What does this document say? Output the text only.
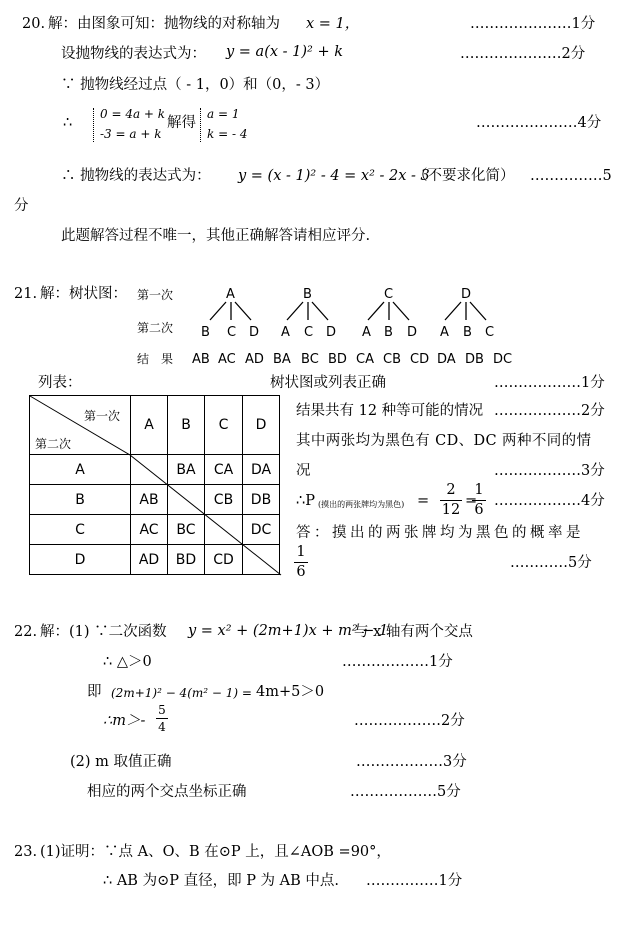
20. 解：由图象可知：抛物线的对称轴为 x = 1，	…………………1分
设抛物线的表达式为： y = a(x - 1)² + k	…………………2分
∵ 抛物线经过点（ - 1，0）和（0，- 3）
∴
0 = 4a + k
-3 = a + k
解得
a = 1
k = - 4
…………………4分
∴ 抛物线的表达式为： y = (x - 1)² - 4 = x² - 2x - 3
（不要求化简） ……………5
分
此题解答过程不唯一，其他正确解答请相应评分.
21. 解：树状图： 第一次
第二次
结　果
A
B C D
B
A C D
C
A B D
D
A B C
AB AC AD BA BC BD CA CB CD DA DB DC
列表：	树状图或列表正确	………………1分
第一次
第二次	A	B	C	D
A		BA	CA	DA
B	AB		CB	DB
C	AC	BC		DC
D	AD	BD	CD	
结果共有 12 种等可能的情况 ………………2分
其中两张均为黑色有 CD、DC 两种不同的情
况	………………3分
∴P (摸出的两张牌均为黑色) = $\frac{2}{12}$ =
$\frac{1}{6}$ ………………4分
答：摸出的两张牌均为黑色的概率是
$\frac{1}{6}$	…………5分
22. 解：(1) ∵二次函数 y = x² + (2m+1)x + m² − 1
与 x 轴有两个交点
∴ △＞0	………………1分
即 (2m+1)² − 4(m² − 1) = 4m+5＞0
∴m＞- $\frac{5}{4}$	………………2分
(2) m 取值正确	………………3分
相应的两个交点坐标正确	………………5分
23. (1)证明：∵点 A、O、B 在⊙P 上，且∠AOB =90°，
∴ AB 为⊙P 直径，即 P 为 AB 中点. ……………1分
